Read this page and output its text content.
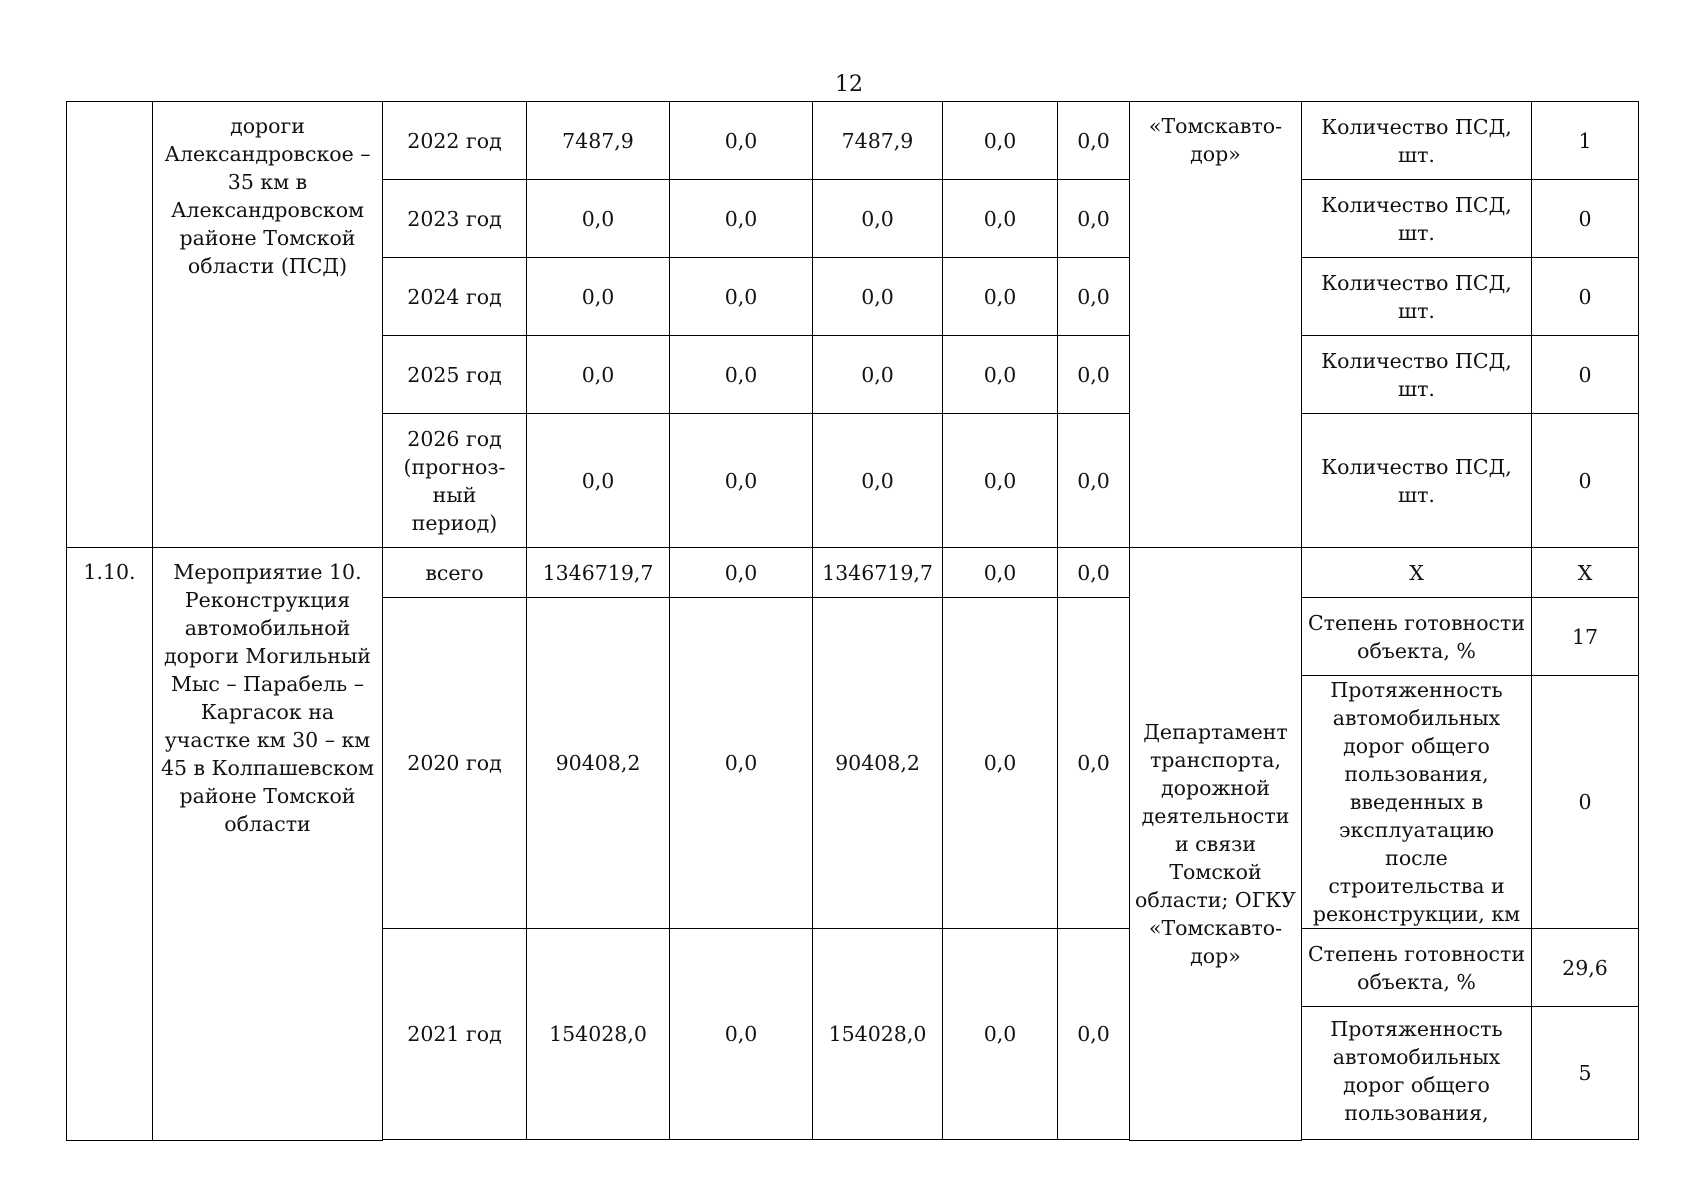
12
	дороги Александровское – 35 км в Александровском районе Томской области (ПСД)	2022 год	7487,9	0,0	7487,9	0,0	0,0	«Томскавто-дор»	Количество ПСД, шт.	1
		2023 год	0,0	0,0	0,0	0,0	0,0		Количество ПСД, шт.	0
		2024 год	0,0	0,0	0,0	0,0	0,0		Количество ПСД, шт.	0
		2025 год	0,0	0,0	0,0	0,0	0,0		Количество ПСД, шт.	0
		2026 год (прогноз-ный период)	0,0	0,0	0,0	0,0	0,0		Количество ПСД, шт.	0
1.10.	Мероприятие 10. Реконструкция автомобильной дороги Могильный Мыс – Парабель – Каргасок на участке км 30 – км 45 в Колпашевском районе Томской области	всего	1346719,7	0,0	1346719,7	0,0	0,0	Департамент транспорта, дорожной деятельности и связи Томской области; ОГКУ «Томскавто-дор»	Х	Х
		2020 год	90408,2	0,0	90408,2	0,0	0,0		Степень готовности объекта, %	17
									Протяженность автомобильных дорог общего пользования, введенных в эксплуатацию после строительства и реконструкции, км	0
		2021 год	154028,0	0,0	154028,0	0,0	0,0		Степень готовности объекта, %	29,6
									Протяженность автомобильных дорог общего пользования,	5
